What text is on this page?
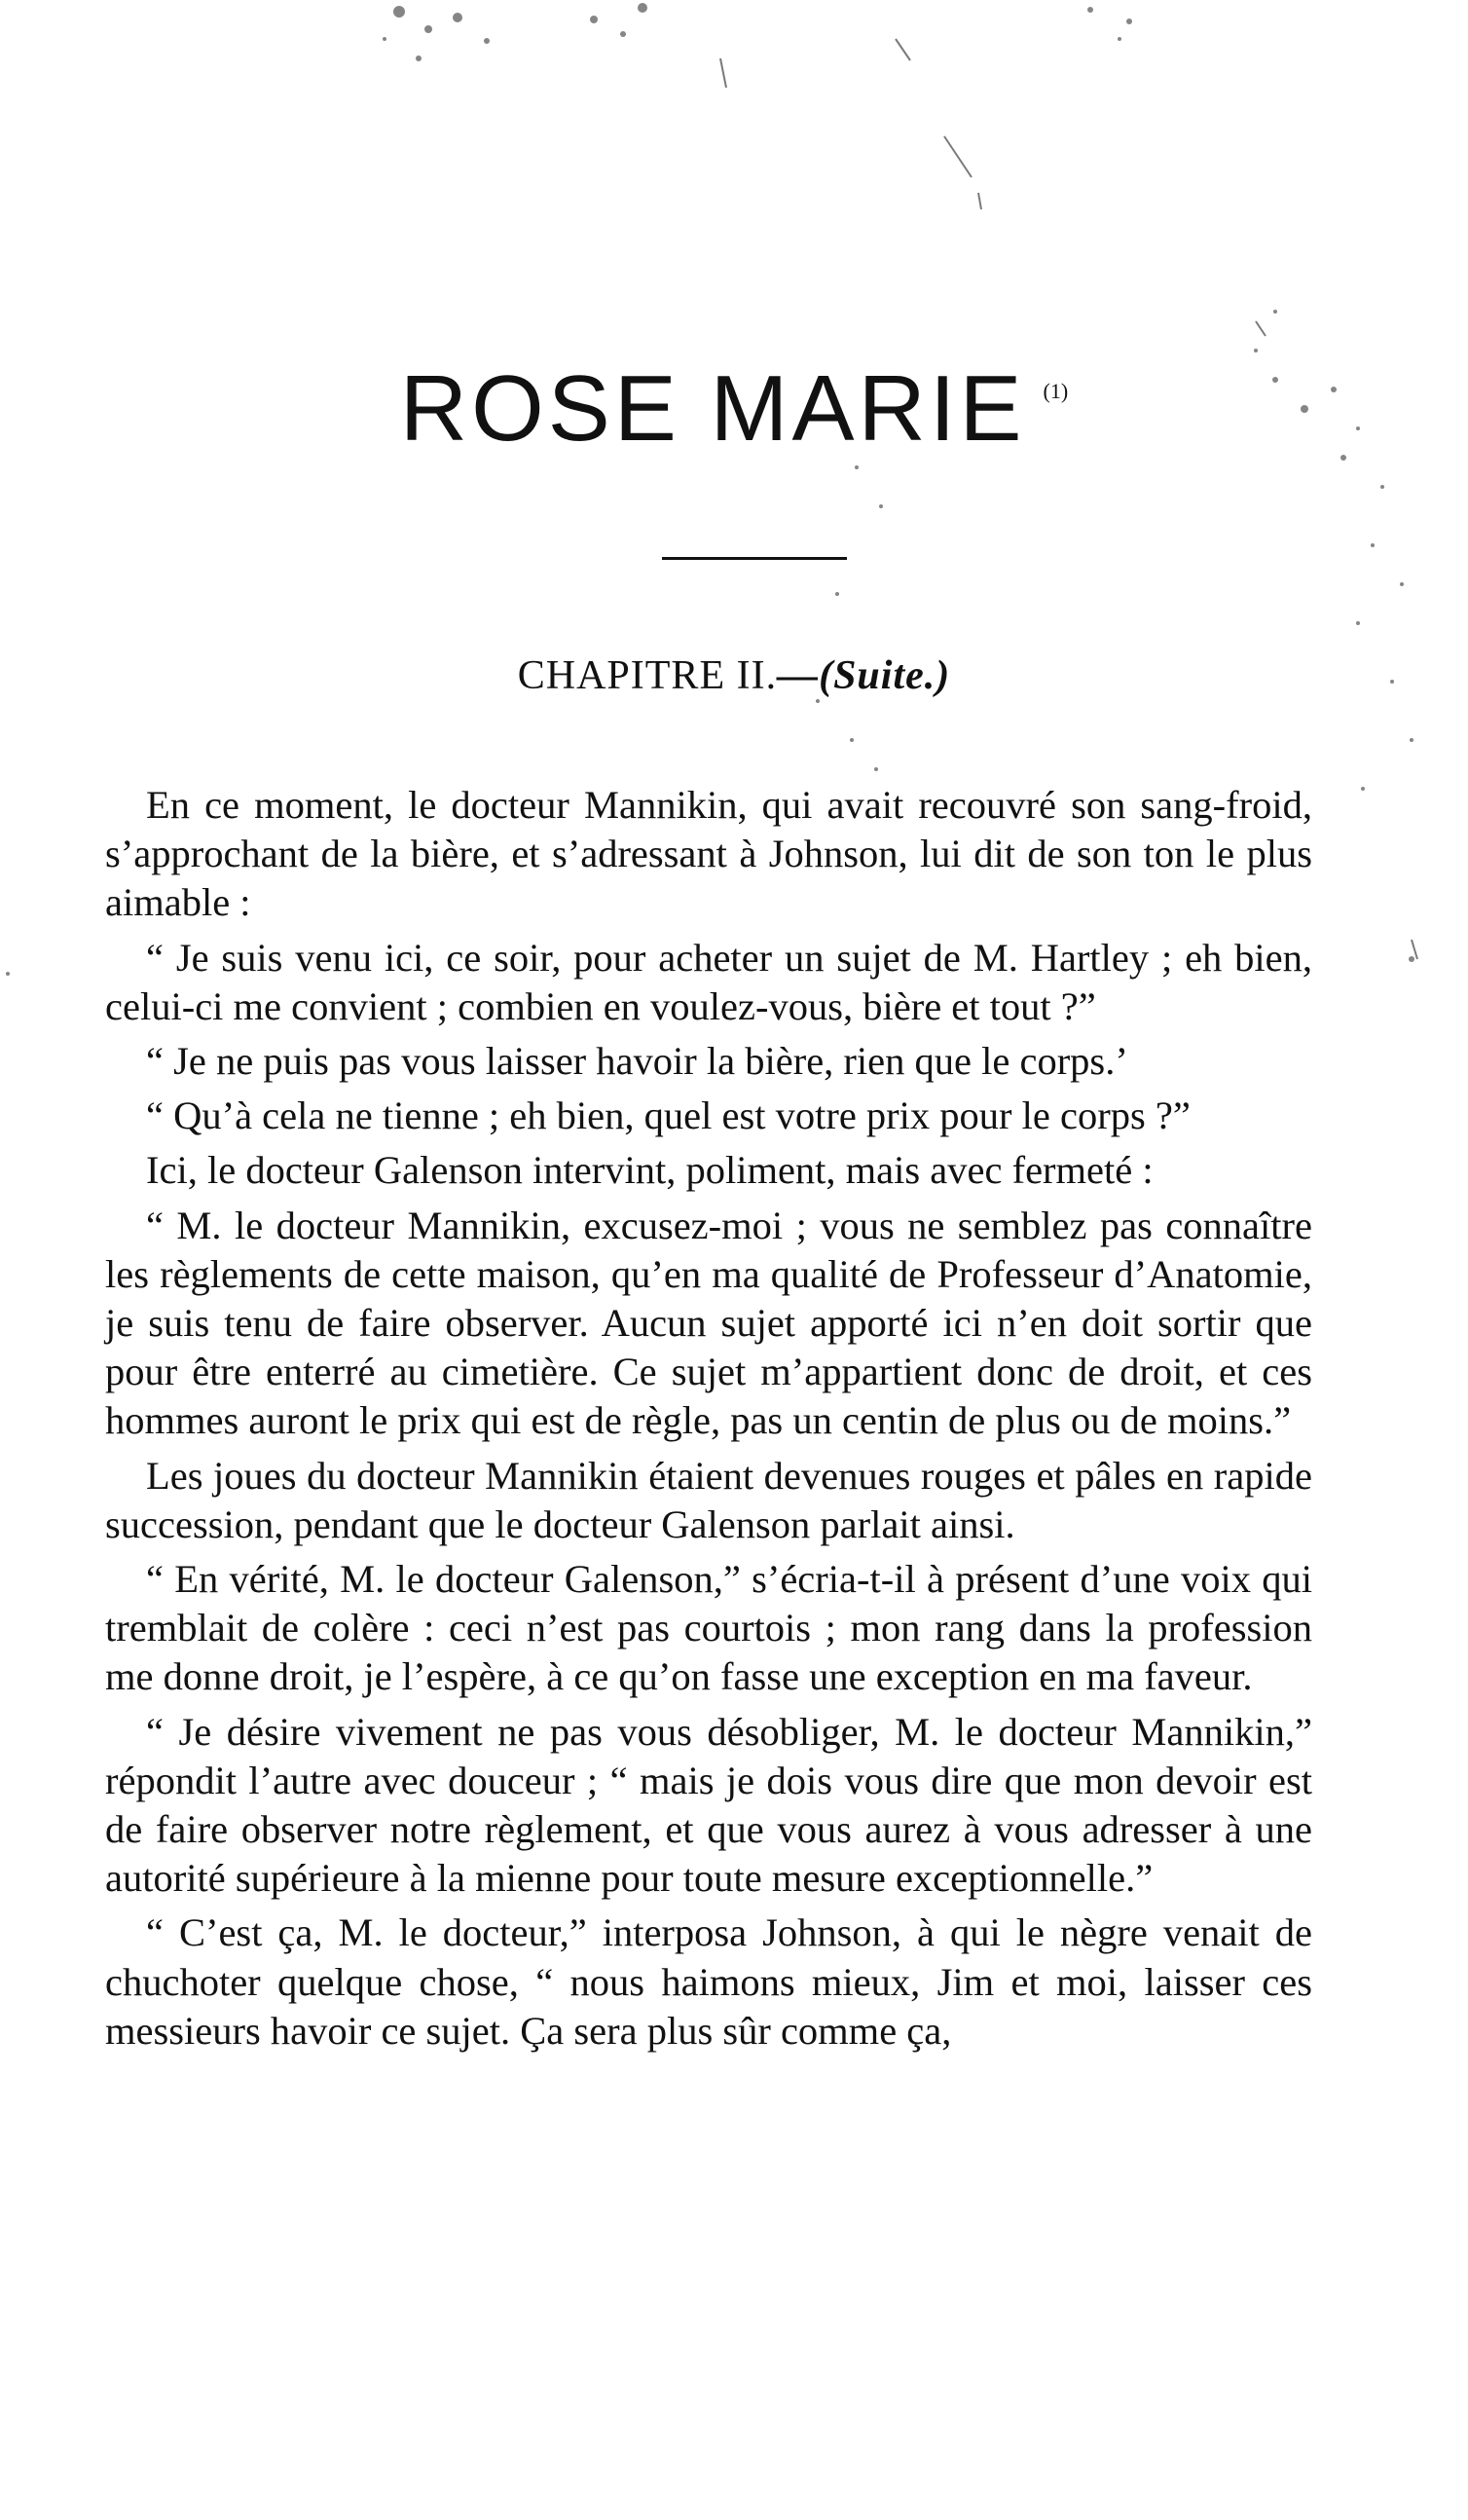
ROSE MARIE $^{(1)}$
CHAPITRE II.—(Suite.)

En ce moment, le docteur Mannikin, qui avait recouvré son sang-froid, s’approchant de la bière, et s’adressant à Johnson, lui dit de son ton le plus aimable :

“ Je suis venu ici, ce soir, pour acheter un sujet de M. Hartley ; eh bien, celui-ci me convient ; combien en voulez-vous, bière et tout ?”

“ Je ne puis pas vous laisser havoir la bière, rien que le corps.’

“ Qu’à cela ne tienne ; eh bien, quel est votre prix pour le corps ?”

Ici, le docteur Galenson intervint, poliment, mais avec fermeté :

“ M. le docteur Mannikin, excusez-moi ; vous ne semblez pas connaître les règlements de cette maison, qu’en ma qualité de Professeur d’Anatomie, je suis tenu de faire observer. Aucun sujet apporté ici n’en doit sortir que pour être enterré au cimetière. Ce sujet m’appartient donc de droit, et ces hommes auront le prix qui est de règle, pas un centin de plus ou de moins.”

Les joues du docteur Mannikin étaient devenues rouges et pâles en rapide succession, pendant que le docteur Galenson parlait ainsi.

“ En vérité, M. le docteur Galenson,” s’écria-t-il à présent d’une voix qui tremblait de colère : ceci n’est pas courtois ; mon rang dans la profession me donne droit, je l’espère, à ce qu’on fasse une exception en ma faveur.

“ Je désire vivement ne pas vous désobliger, M. le docteur Mannikin,” répondit l’autre avec douceur ; “ mais je dois vous dire que mon devoir est de faire observer notre règlement, et que vous aurez à vous adresser à une autorité supérieure à la mienne pour toute mesure exceptionnelle.”

“ C’est ça, M. le docteur,” interposa Johnson, à qui le nègre venait de chuchoter quelque chose, “ nous haimons mieux, Jim et moi, laisser ces messieurs havoir ce sujet. Ça sera plus sûr comme ça,
